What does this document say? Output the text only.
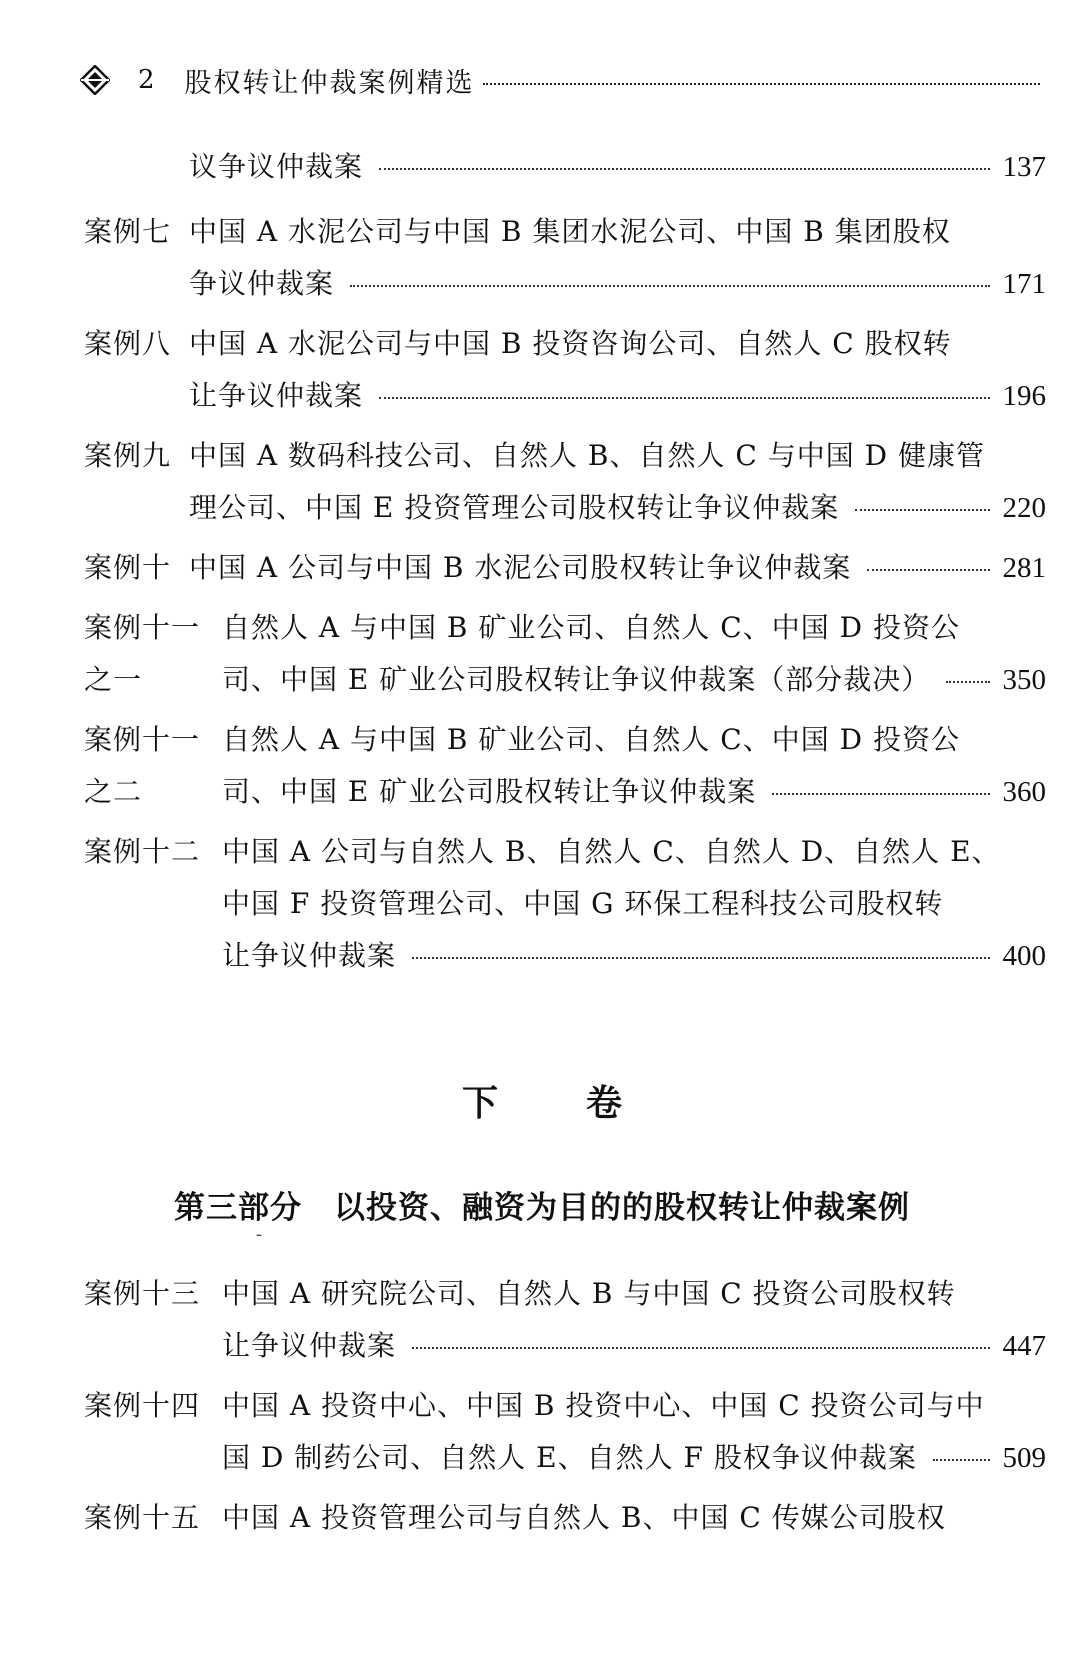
2 股权转让仲裁案例精选
议争议仲裁案	137
案例七 中国 A 水泥公司与中国 B 集团水泥公司、中国 B 集团股权
争议仲裁案	171
案例八 中国 A 水泥公司与中国 B 投资咨询公司、自然人 C 股权转
让争议仲裁案	196
案例九 中国 A 数码科技公司、自然人 B、自然人 C 与中国 D 健康管
理公司、中国 E 投资管理公司股权转让争议仲裁案	220
案例十 中国 A 公司与中国 B 水泥公司股权转让争议仲裁案	281
案例十一 自然人 A 与中国 B 矿业公司、自然人 C、中国 D 投资公
之一	司、中国 E 矿业公司股权转让争议仲裁案（部分裁决） 350
案例十一 自然人 A 与中国 B 矿业公司、自然人 C、中国 D 投资公
之二	司、中国 E 矿业公司股权转让争议仲裁案	360
案例十二 中国 A 公司与自然人 B、自然人 C、自然人 D、自然人 E、
中国 F 投资管理公司、中国 G 环保工程科技公司股权转
让争议仲裁案	400
下卷
第三部分　以投资、融资为目的的股权转让仲裁案例
-
案例十三 中国 A 研究院公司、自然人 B 与中国 C 投资公司股权转
让争议仲裁案	447
案例十四 中国 A 投资中心、中国 B 投资中心、中国 C 投资公司与中
国 D 制药公司、自然人 E、自然人 F 股权争议仲裁案	509
案例十五 中国 A 投资管理公司与自然人 B、中国 C 传媒公司股权
